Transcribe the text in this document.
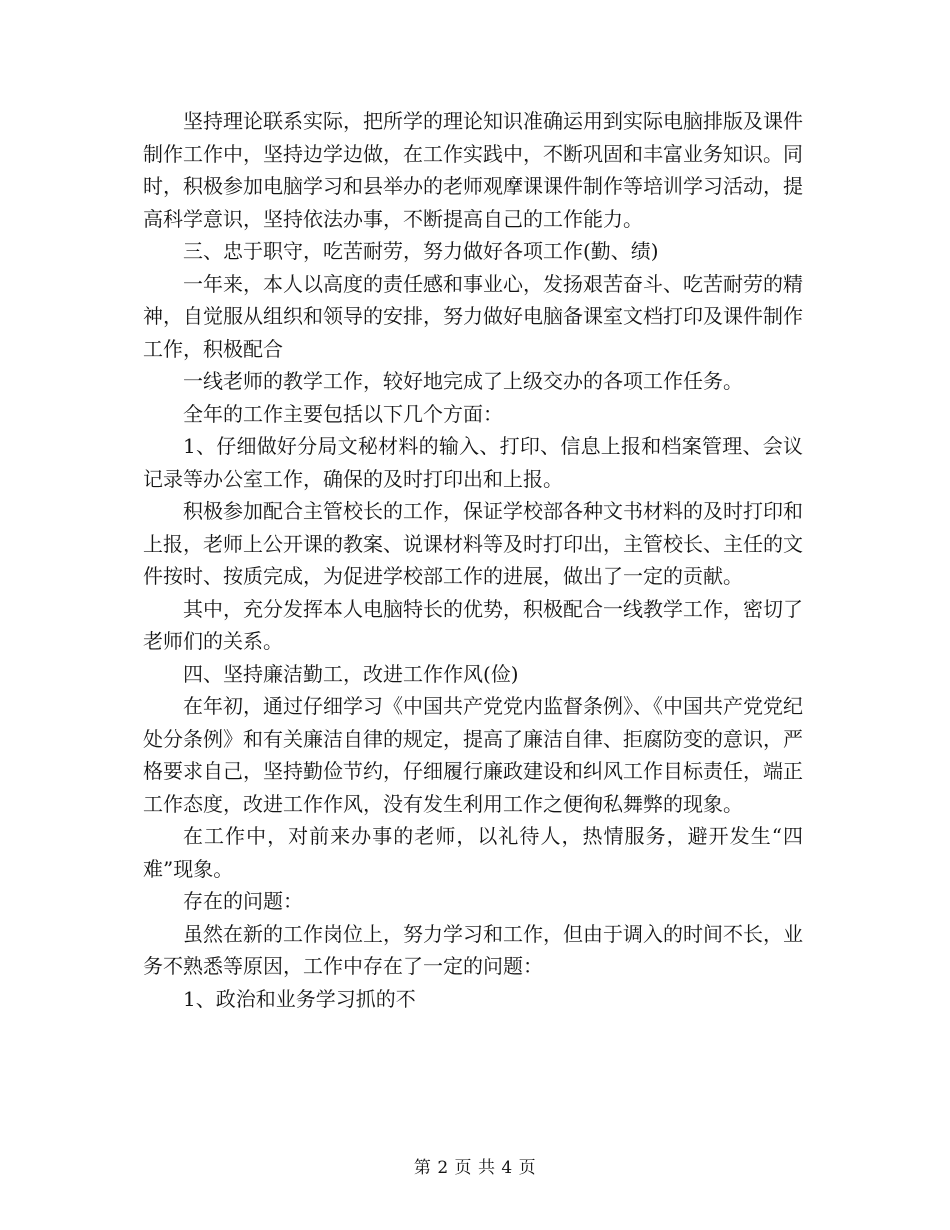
坚持理论联系实际，把所学的理论知识准确运用到实际电脑排版及课件制作工作中，坚持边学边做，在工作实践中，不断巩固和丰富业务知识。同时，积极参加电脑学习和县举办的老师观摩课课件制作等培训学习活动，提高科学意识，坚持依法办事，不断提高自己的工作能力。

三、忠于职守，吃苦耐劳，努力做好各项工作(勤、绩)

一年来，本人以高度的责任感和事业心，发扬艰苦奋斗、吃苦耐劳的精神，自觉服从组织和领导的安排，努力做好电脑备课室文档打印及课件制作工作，积极配合

一线老师的教学工作，较好地完成了上级交办的各项工作任务。

全年的工作主要包括以下几个方面：

1、仔细做好分局文秘材料的输入、打印、信息上报和档案管理、会议记录等办公室工作，确保的及时打印出和上报。

积极参加配合主管校长的工作，保证学校部各种文书材料的及时打印和上报，老师上公开课的教案、说课材料等及时打印出，主管校长、主任的文件按时、按质完成，为促进学校部工作的进展，做出了一定的贡献。

其中，充分发挥本人电脑特长的优势，积极配合一线教学工作，密切了老师们的关系。

四、坚持廉洁勤工，改进工作作风(俭)

在年初，通过仔细学习《中国共产党党内监督条例》、《中国共产党党纪处分条例》和有关廉洁自律的规定，提高了廉洁自律、拒腐防变的意识，严格要求自己，坚持勤俭节约，仔细履行廉政建设和纠风工作目标责任，端正工作态度，改进工作作风，没有发生利用工作之便徇私舞弊的现象。

在工作中，对前来办事的老师，以礼待人，热情服务，避开发生“四难”现象。

存在的问题：

虽然在新的工作岗位上，努力学习和工作，但由于调入的时间不长，业务不熟悉等原因，工作中存在了一定的问题：

1、政治和业务学习抓的不

第 2 页 共 4 页
